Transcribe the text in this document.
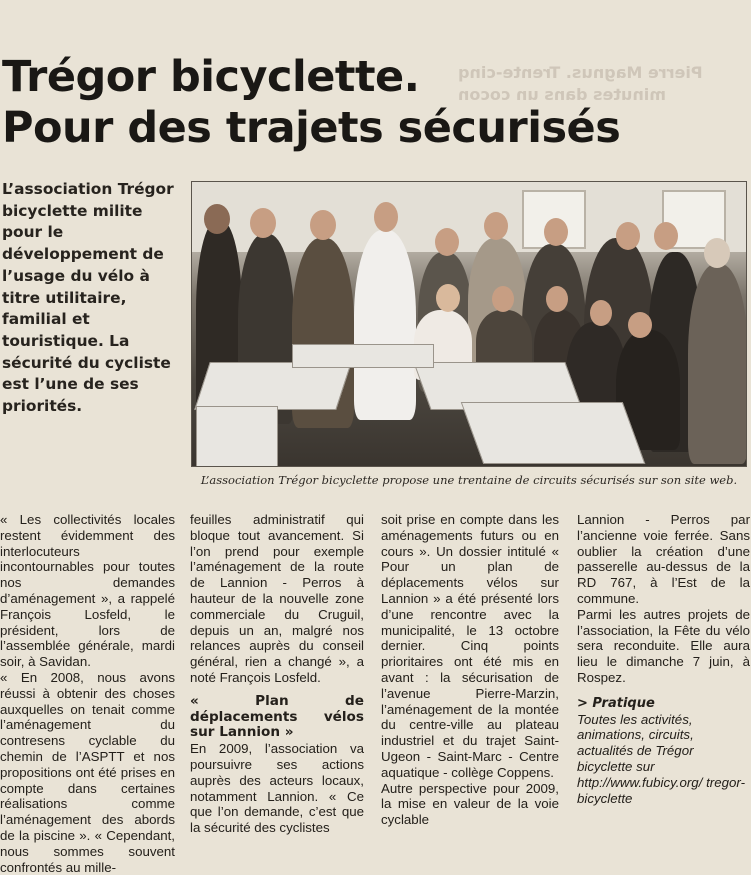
Pierre Magnus. Trente-cinq
minutes dans un cocon
Trégor bicyclette.
Pour des trajets sécurisés

L’association Trégor bicyclette milite pour le développement de l’usage du vélo à titre utilitaire, familial et touristique. La sécurité du cycliste est l’une de ses priorités.

L’association Trégor bicyclette propose une trentaine de circuits sécurisés sur son site web.

« Les collectivités locales restent évidemment des interlocuteurs incontournables pour toutes nos demandes d’aménagement », a rappelé François Losfeld, le président, lors de l’assemblée générale, mardi soir, à Savidan.

« En 2008, nous avons réussi à obtenir des choses auxquelles on tenait comme l’aménagement du contresens cyclable du chemin de l’ASPTT et nos propositions ont été prises en compte dans certaines réalisations comme l’aménagement des abords de la piscine ». « Cependant, nous sommes souvent confrontés au mille-

feuilles administratif qui bloque tout avancement. Si l’on prend pour exemple l’aménagement de la route de Lannion - Perros à hauteur de la nouvelle zone commerciale du Cruguil, depuis un an, malgré nos relances auprès du conseil général, rien a changé », a noté François Losfeld.

« Plan de déplacements vélos sur Lannion »

En 2009, l’association va poursuivre ses actions auprès des acteurs locaux, notamment Lannion. « Ce que l’on demande, c’est que la sécurité des cyclistes

soit prise en compte dans les aménagements futurs ou en cours ». Un dossier intitulé « Pour un plan de déplacements vélos sur Lannion » a été présenté lors d’une rencontre avec la municipalité, le 13 octobre dernier. Cinq points prioritaires ont été mis en avant : la sécurisation de l’avenue Pierre-Marzin, l’aménagement de la montée du centre-ville au plateau industriel et du trajet Saint-Ugeon - Saint-Marc - Centre aquatique - collège Coppens.

Autre perspective pour 2009, la mise en valeur de la voie cyclable

Lannion - Perros par l’ancienne voie ferrée. Sans oublier la création d’une passerelle au-dessus de la RD 767, à l’Est de la commune.

Parmi les autres projets de l’association, la Fête du vélo sera reconduite. Elle aura lieu le dimanche 7 juin, à Rospez.

> Pratique

Toutes les activités, animations, circuits, actualités de Trégor bicyclette sur http://www.fubicy.org/ tregor-bicyclette
